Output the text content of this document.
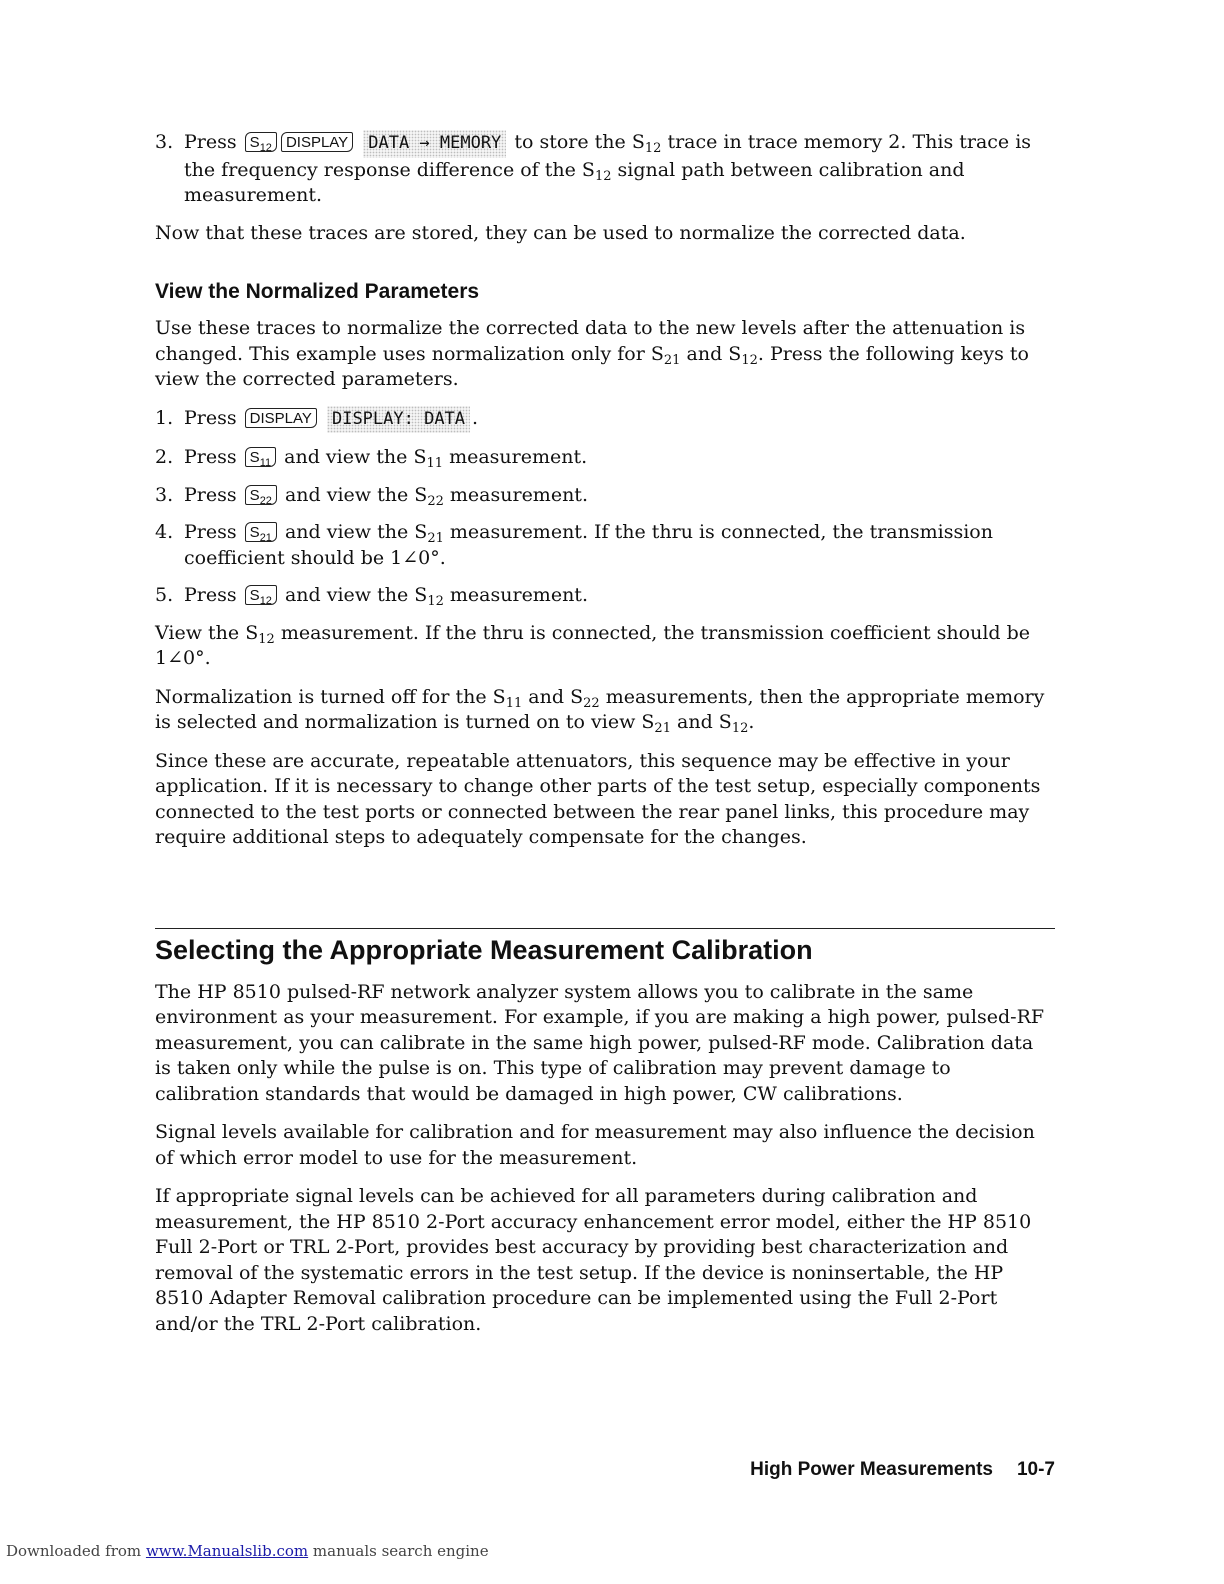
3. Press $S_{12}$ DISPLAY DATA → MEMORY to store the $S_{12}$ trace in trace memory 2. This trace is the frequency response difference of the $S_{12}$ signal path between calibration and measurement.

Now that these traces are stored, they can be used to normalize the corrected data.

View the Normalized Parameters

Use these traces to normalize the corrected data to the new levels after the attenuation is changed. This example uses normalization only for $S_{21}$ and $S_{12}$. Press the following keys to view the corrected parameters.

1. Press DISPLAY DISPLAY: DATA .
2. Press $S_{11}$ and view the $S_{11}$ measurement.
3. Press $S_{22}$ and view the $S_{22}$ measurement.
4. Press $S_{21}$ and view the $S_{21}$ measurement. If the thru is connected, the transmission coefficient should be 1∠0°.
5. Press $S_{12}$ and view the $S_{12}$ measurement.

View the $S_{12}$ measurement. If the thru is connected, the transmission coefficient should be 1∠0°.

Normalization is turned off for the $S_{11}$ and $S_{22}$ measurements, then the appropriate memory is selected and normalization is turned on to view $S_{21}$ and $S_{12}$.

Since these are accurate, repeatable attenuators, this sequence may be effective in your application. If it is necessary to change other parts of the test setup, especially components connected to the test ports or connected between the rear panel links, this procedure may require additional steps to adequately compensate for the changes.

Selecting the Appropriate Measurement Calibration

The HP 8510 pulsed-RF network analyzer system allows you to calibrate in the same environment as your measurement. For example, if you are making a high power, pulsed-RF measurement, you can calibrate in the same high power, pulsed-RF mode. Calibration data is taken only while the pulse is on. This type of calibration may prevent damage to calibration standards that would be damaged in high power, CW calibrations.

Signal levels available for calibration and for measurement may also influence the decision of which error model to use for the measurement.

If appropriate signal levels can be achieved for all parameters during calibration and measurement, the HP 8510 2-Port accuracy enhancement error model, either the HP 8510 Full 2-Port or TRL 2-Port, provides best accuracy by providing best characterization and removal of the systematic errors in the test setup. If the device is noninsertable, the HP 8510 Adapter Removal calibration procedure can be implemented using the Full 2-Port and/or the TRL 2-Port calibration.

High Power Measurements 10-7
Downloaded from www.Manualslib.com manuals search engine
